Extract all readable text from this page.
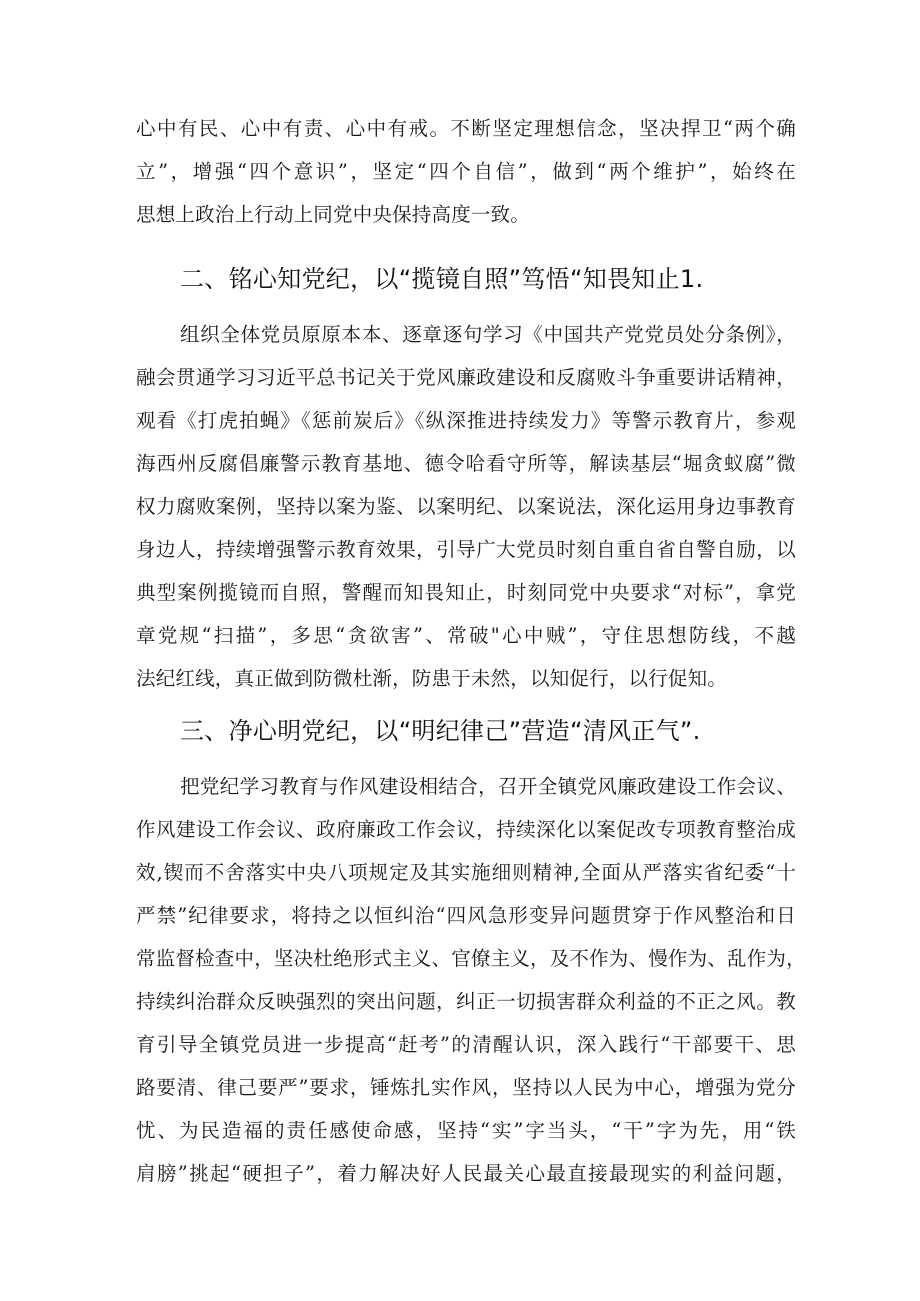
心中有民、心中有责、心中有戒。不断坚定理想信念，坚决捍卫“两个确
立”，增强“四个意识”，坚定“四个自信”，做到“两个维护”，始终在
思想上政治上行动上同党中央保持高度一致。
二、铭心知党纪，以“揽镜自照”笃悟“知畏知止1.
组织全体党员原原本本、逐章逐句学习《中国共产党党员处分条例》，
融会贯通学习习近平总书记关于党风廉政建设和反腐败斗争重要讲话精神，
观看《打虎拍蝇》《惩前炭后》《纵深推进持续发力》等警示教育片，参观
海西州反腐倡廉警示教育基地、德令哈看守所等，解读基层“堀贪蚁腐”微
权力腐败案例，坚持以案为鉴、以案明纪、以案说法，深化运用身边事教育
身边人，持续增强警示教育效果，引导广大党员时刻自重自省自警自励，以
典型案例揽镜而自照，警醒而知畏知止，时刻同党中央要求“对标”，拿党
章党规“扫描”，多思“贪欲害”、常破"心中贼”，守住思想防线，不越
法纪红线，真正做到防微杜渐，防患于未然，以知促行，以行促知。
三、净心明党纪，以“明纪律己”营造“清风正气”.
把党纪学习教育与作风建设相结合，召开全镇党风廉政建设工作会议、
作风建设工作会议、政府廉政工作会议，持续深化以案促改专项教育整治成
效,锲而不舍落实中央八项规定及其实施细则精神,全面从严落实省纪委“十
严禁”纪律要求，将持之以恒纠治“四风急形变异问题贯穿于作风整治和日
常监督检查中，坚决杜绝形式主义、官僚主义，及不作为、慢作为、乱作为，
持续纠治群众反映强烈的突出问题，纠正一切损害群众利益的不正之风。教
育引导全镇党员进一步提高“赶考”的清醒认识，深入践行“干部要干、思
路要清、律己要严”要求，锤炼扎实作风，坚持以人民为中心，增强为党分
忧、为民造福的责任感使命感，坚持“实”字当头，“干”字为先，用“铁
肩膀”挑起“硬担子”，着力解决好人民最关心最直接最现实的利益问题，
